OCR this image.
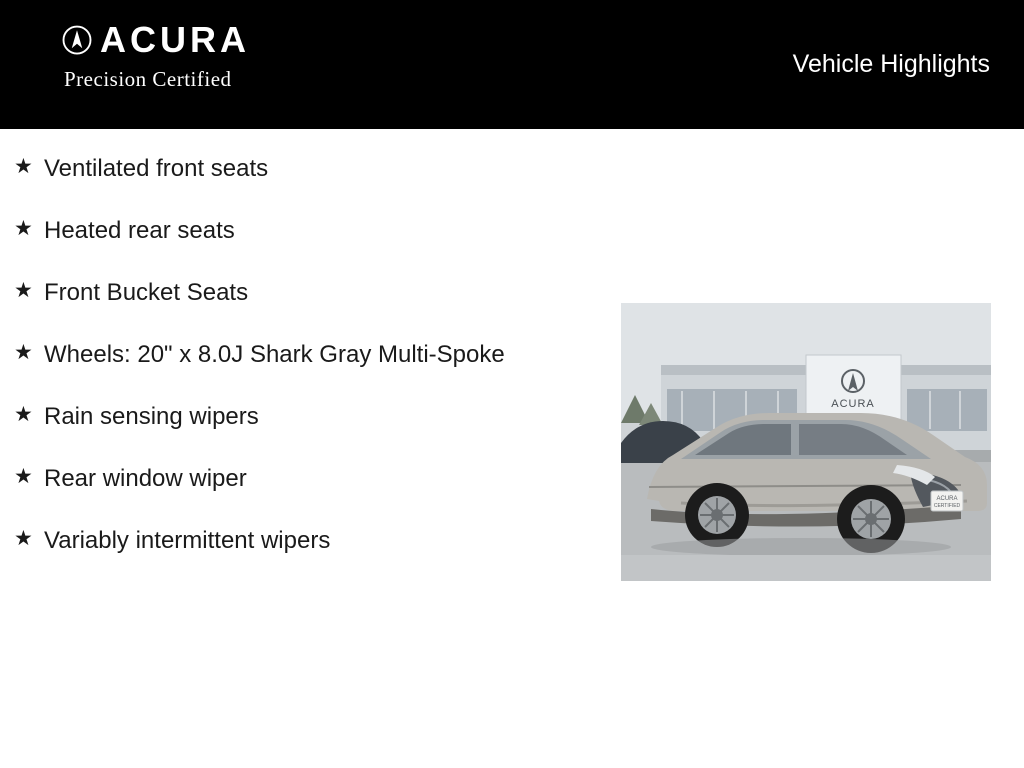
ACURA
Precision Certified
Vehicle Highlights
★ Ventilated front seats
★ Heated rear seats
★ Front Bucket Seats
★ Wheels: 20" x 8.0J Shark Gray Multi-Spoke
★ Rain sensing wipers
★ Rear window wiper
★ Variably intermittent wipers
ACURA
ACURA
CERTIFIED
